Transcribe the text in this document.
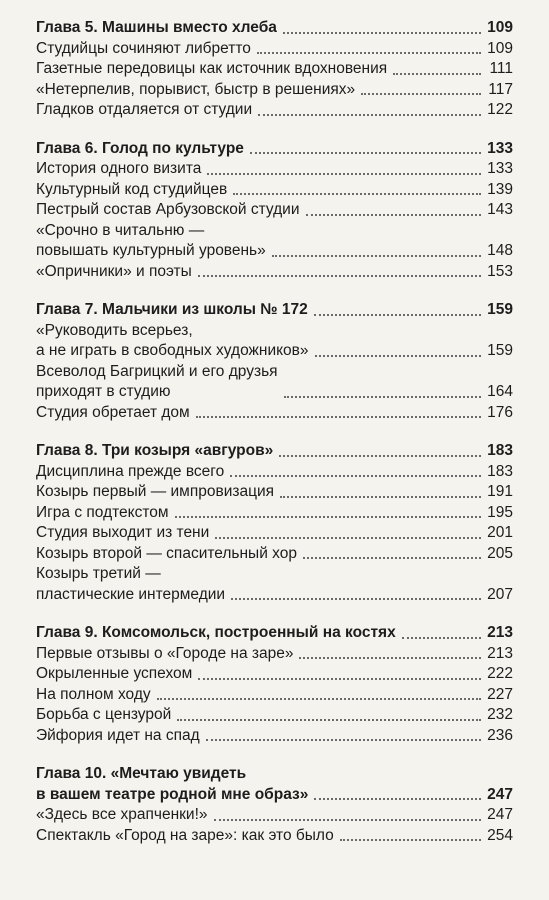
Глава 5. Машины вместо хлеба	109
Студийцы сочиняют либретто	109
Газетные передовицы как источник вдохновения	111
«Нетерпелив, порывист, быстр в решениях»	117
Гладков отдаляется от студии	122
Глава 6. Голод по культуре	133
История одного визита	133
Культурный код студийцев	139
Пестрый состав Арбузовской студии	143
«Срочно в читальню —
повышать культурный уровень»	148
«Опричники» и поэты	153
Глава 7. Мальчики из школы № 172	159
«Руководить всерьез,
а не играть в свободных художников»	159
Всеволод Багрицкий и его друзья
приходят в студию	164
Студия обретает дом	176
Глава 8. Три козыря «авгуров»	183
Дисциплина прежде всего	183
Козырь первый — импровизация	191
Игра с подтекстом	195
Студия выходит из тени	201
Козырь второй — спасительный хор	205
Козырь третий —
пластические интермедии	207
Глава 9. Комсомольск, построенный на костях	213
Первые отзывы о «Городе на заре»	213
Окрыленные успехом	222
На полном ходу	227
Борьба с цензурой	232
Эйфория идет на спад	236
Глава 10. «Мечтаю увидеть
в вашем театре родной мне образ»	247
«Здесь все храпченки!»	247
Спектакль «Город на заре»: как это было	254
